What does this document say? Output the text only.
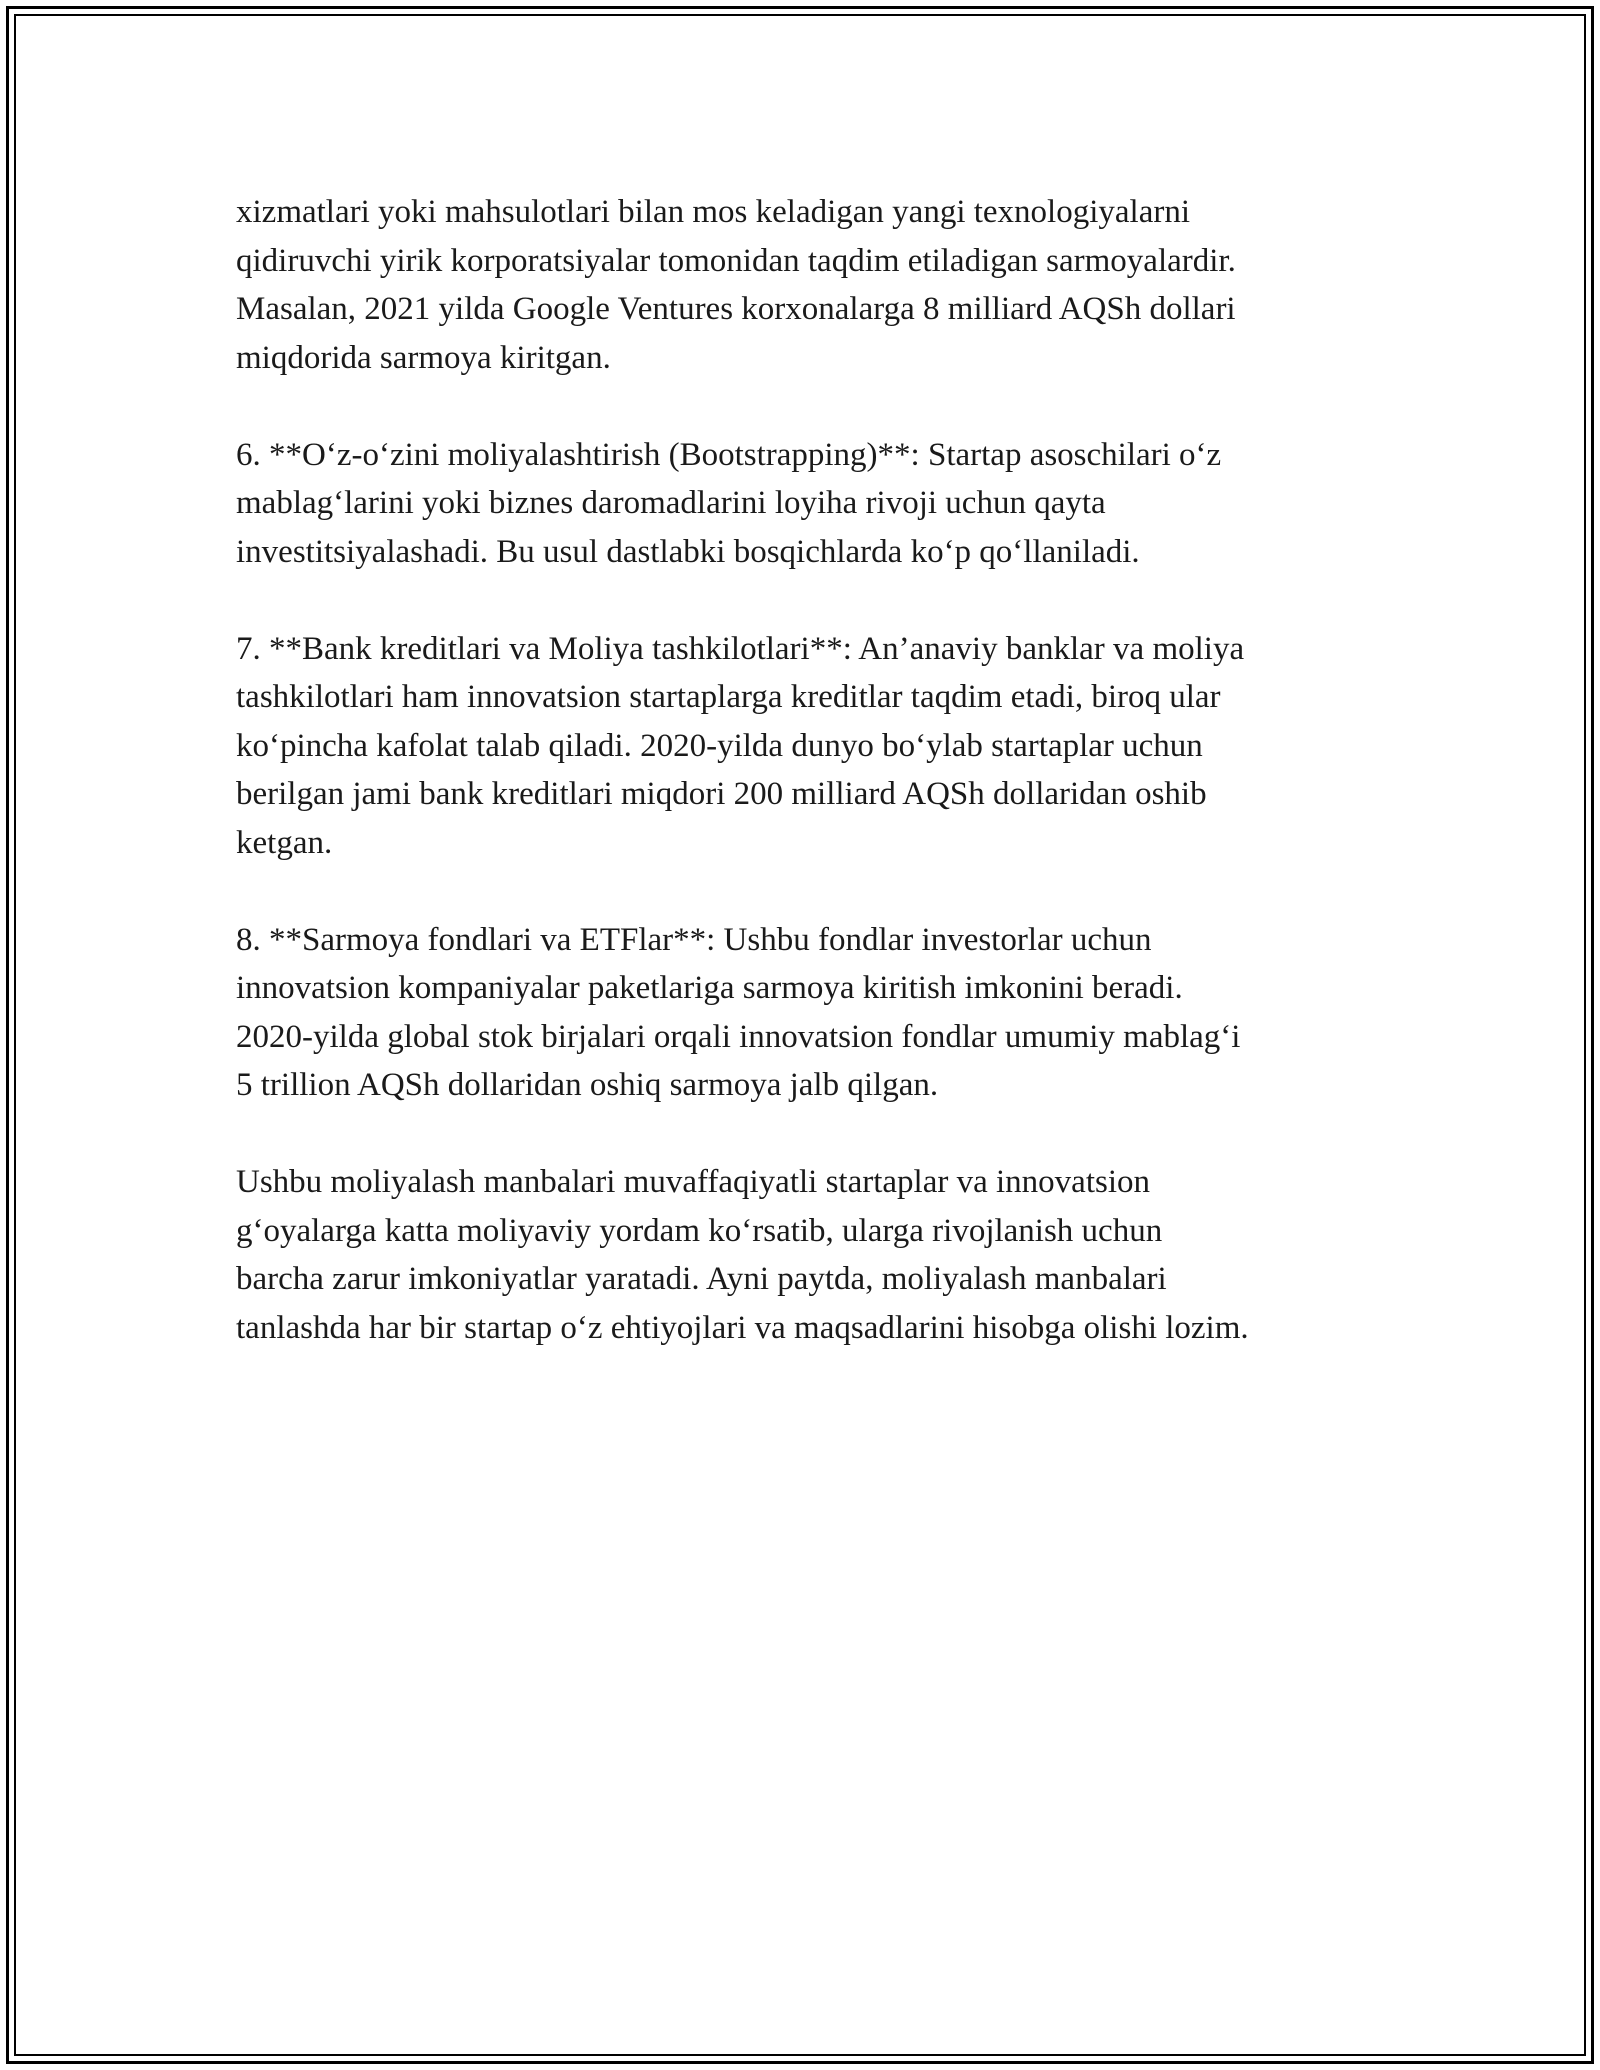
xizmatlari yoki mahsulotlari bilan mos keladigan yangi texnologiyalarni
qidiruvchi yirik korporatsiyalar tomonidan taqdim etiladigan sarmoyalardir.
Masalan, 2021 yilda Google Ventures korxonalarga 8 milliard AQSh dollari
miqdorida sarmoya kiritgan.

6. **O‘z-o‘zini moliyalashtirish (Bootstrapping)**: Startap asoschilari o‘z
mablag‘larini yoki biznes daromadlarini loyiha rivoji uchun qayta
investitsiyalashadi. Bu usul dastlabki bosqichlarda ko‘p qo‘llaniladi.

7. **Bank kreditlari va Moliya tashkilotlari**: An’anaviy banklar va moliya
tashkilotlari ham innovatsion startaplarga kreditlar taqdim etadi, biroq ular
ko‘pincha kafolat talab qiladi. 2020-yilda dunyo bo‘ylab startaplar uchun
berilgan jami bank kreditlari miqdori 200 milliard AQSh dollaridan oshib
ketgan.

8. **Sarmoya fondlari va ETFlar**: Ushbu fondlar investorlar uchun
innovatsion kompaniyalar paketlariga sarmoya kiritish imkonini beradi.
2020-yilda global stok birjalari orqali innovatsion fondlar umumiy mablag‘i
5 trillion AQSh dollaridan oshiq sarmoya jalb qilgan.

Ushbu moliyalash manbalari muvaffaqiyatli startaplar va innovatsion
g‘oyalarga katta moliyaviy yordam ko‘rsatib, ularga rivojlanish uchun
barcha zarur imkoniyatlar yaratadi. Ayni paytda, moliyalash manbalari
tanlashda har bir startap o‘z ehtiyojlari va maqsadlarini hisobga olishi lozim.
